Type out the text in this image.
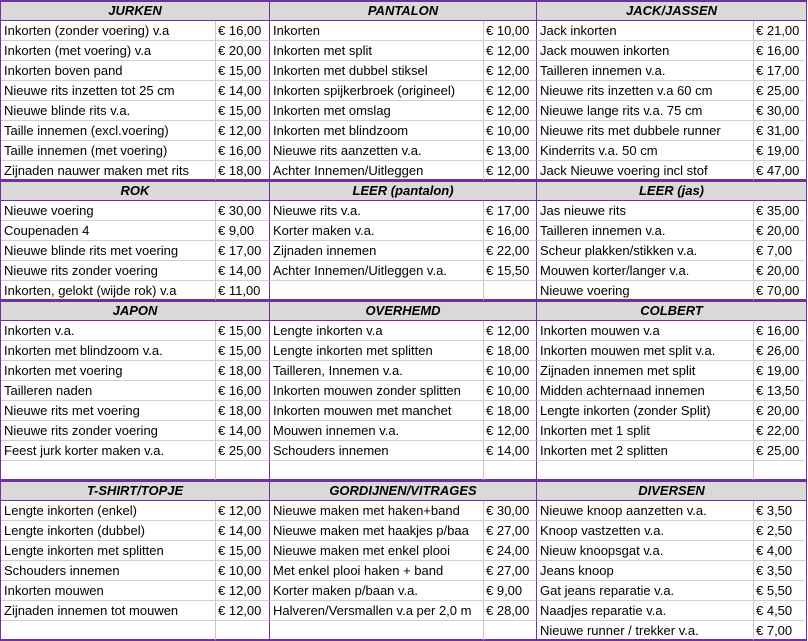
JURKEN	PANTALON	JACK/JASSEN
Inkorten (zonder voering) v.a	€ 16,00 Inkorten	€ 10,00 Jack inkorten	€ 21,00
Inkorten (met voering) v.a	€ 20,00 Inkorten met split	€ 12,00 Jack mouwen inkorten	€ 16,00
Inkorten boven pand	€ 15,00 Inkorten met dubbel stiksel	€ 12,00 Tailleren innemen v.a.	€ 17,00
Nieuwe rits inzetten tot 25 cm	€ 14,00 Inkorten spijkerbroek (origineel)	€ 12,00 Nieuwe rits inzetten v.a 60 cm	€ 25,00
Nieuwe blinde rits v.a.	€ 15,00 Inkorten met omslag	€ 12,00 Nieuwe lange rits v.a. 75 cm	€ 30,00
Taille innemen (excl.voering)	€ 12,00 Inkorten met blindzoom	€ 10,00 Nieuwe rits met dubbele runner	€ 31,00
Taille innemen (met voering)	€ 16,00 Nieuwe rits aanzetten v.a.	€ 13,00 Kinderrits v.a. 50 cm	€ 19,00
Zijnaden nauwer maken met rits	€ 18,00 Achter Innemen/Uitleggen	€ 12,00 Jack Nieuwe voering incl stof	€ 47,00
ROK	LEER (pantalon)	LEER (jas)
Nieuwe voering	€ 30,00 Nieuwe rits v.a.	€ 17,00 Jas nieuwe rits	€ 35,00
Coupenaden 4	€ 9,00	Korter maken v.a.	€ 16,00 Tailleren innemen v.a.	€ 20,00
Nieuwe blinde rits met voering	€ 17,00 Zijnaden innemen	€ 22,00 Scheur plakken/stikken v.a.	€ 7,00
Nieuwe rits zonder voering	€ 14,00 Achter Innemen/Uitleggen v.a.	€ 15,50 Mouwen korter/langer v.a.	€ 20,00
Inkorten, gelokt (wijde rok) v.a	€ 11,00	Nieuwe voering	€ 70,00
JAPON	OVERHEMD	COLBERT
Inkorten v.a.	€ 15,00 Lengte inkorten v.a	€ 12,00 Inkorten mouwen v.a	€ 16,00
Inkorten met blindzoom v.a.	€ 15,00 Lengte inkorten met splitten	€ 18,00 Inkorten mouwen met split v.a.	€ 26,00
Inkorten met voering	€ 18,00 Tailleren, Innemen v.a.	€ 10,00 Zijnaden innemen met split	€ 19,00
Tailleren naden	€ 16,00 Inkorten mouwen zonder splitten	€ 10,00 Midden achternaad innemen	€ 13,50
Nieuwe rits met voering	€ 18,00 Inkorten mouwen met manchet	€ 18,00 Lengte inkorten (zonder Split)	€ 20,00
Nieuwe rits zonder voering	€ 14,00 Mouwen innemen v.a.	€ 12,00 Inkorten met 1 split	€ 22,00
Feest jurk korter maken v.a.	€ 25,00 Schouders innemen	€ 14,00 Inkorten met 2 splitten	€ 25,00
T-SHIRT/TOPJE	GORDIJNEN/VITRAGES	DIVERSEN
Lengte inkorten (enkel)	€ 12,00 Nieuwe maken met haken+band	€ 30,00 Nieuwe knoop aanzetten v.a.	€ 3,50
Lengte inkorten (dubbel)	€ 14,00 Nieuwe maken met haakjes p/baa	€ 27,00 Knoop vastzetten v.a.	€ 2,50
Lengte inkorten met splitten	€ 15,00 Nieuwe maken met enkel plooi	€ 24,00 Nieuw knoopsgat v.a.	€ 4,00
Schouders innemen	€ 10,00 Met enkel plooi haken + band	€ 27,00 Jeans knoop	€ 3,50
Inkorten mouwen	€ 12,00 Korter maken p/baan v.a.	€ 9,00	Gat jeans reparatie v.a.	€ 5,50
Zijnaden innemen tot mouwen	€ 12,00 Halveren/Versmallen v.a per 2,0 m	€ 28,00 Naadjes reparatie v.a.	€ 4,50
Nieuwe runner / trekker v.a.	€ 7,00
